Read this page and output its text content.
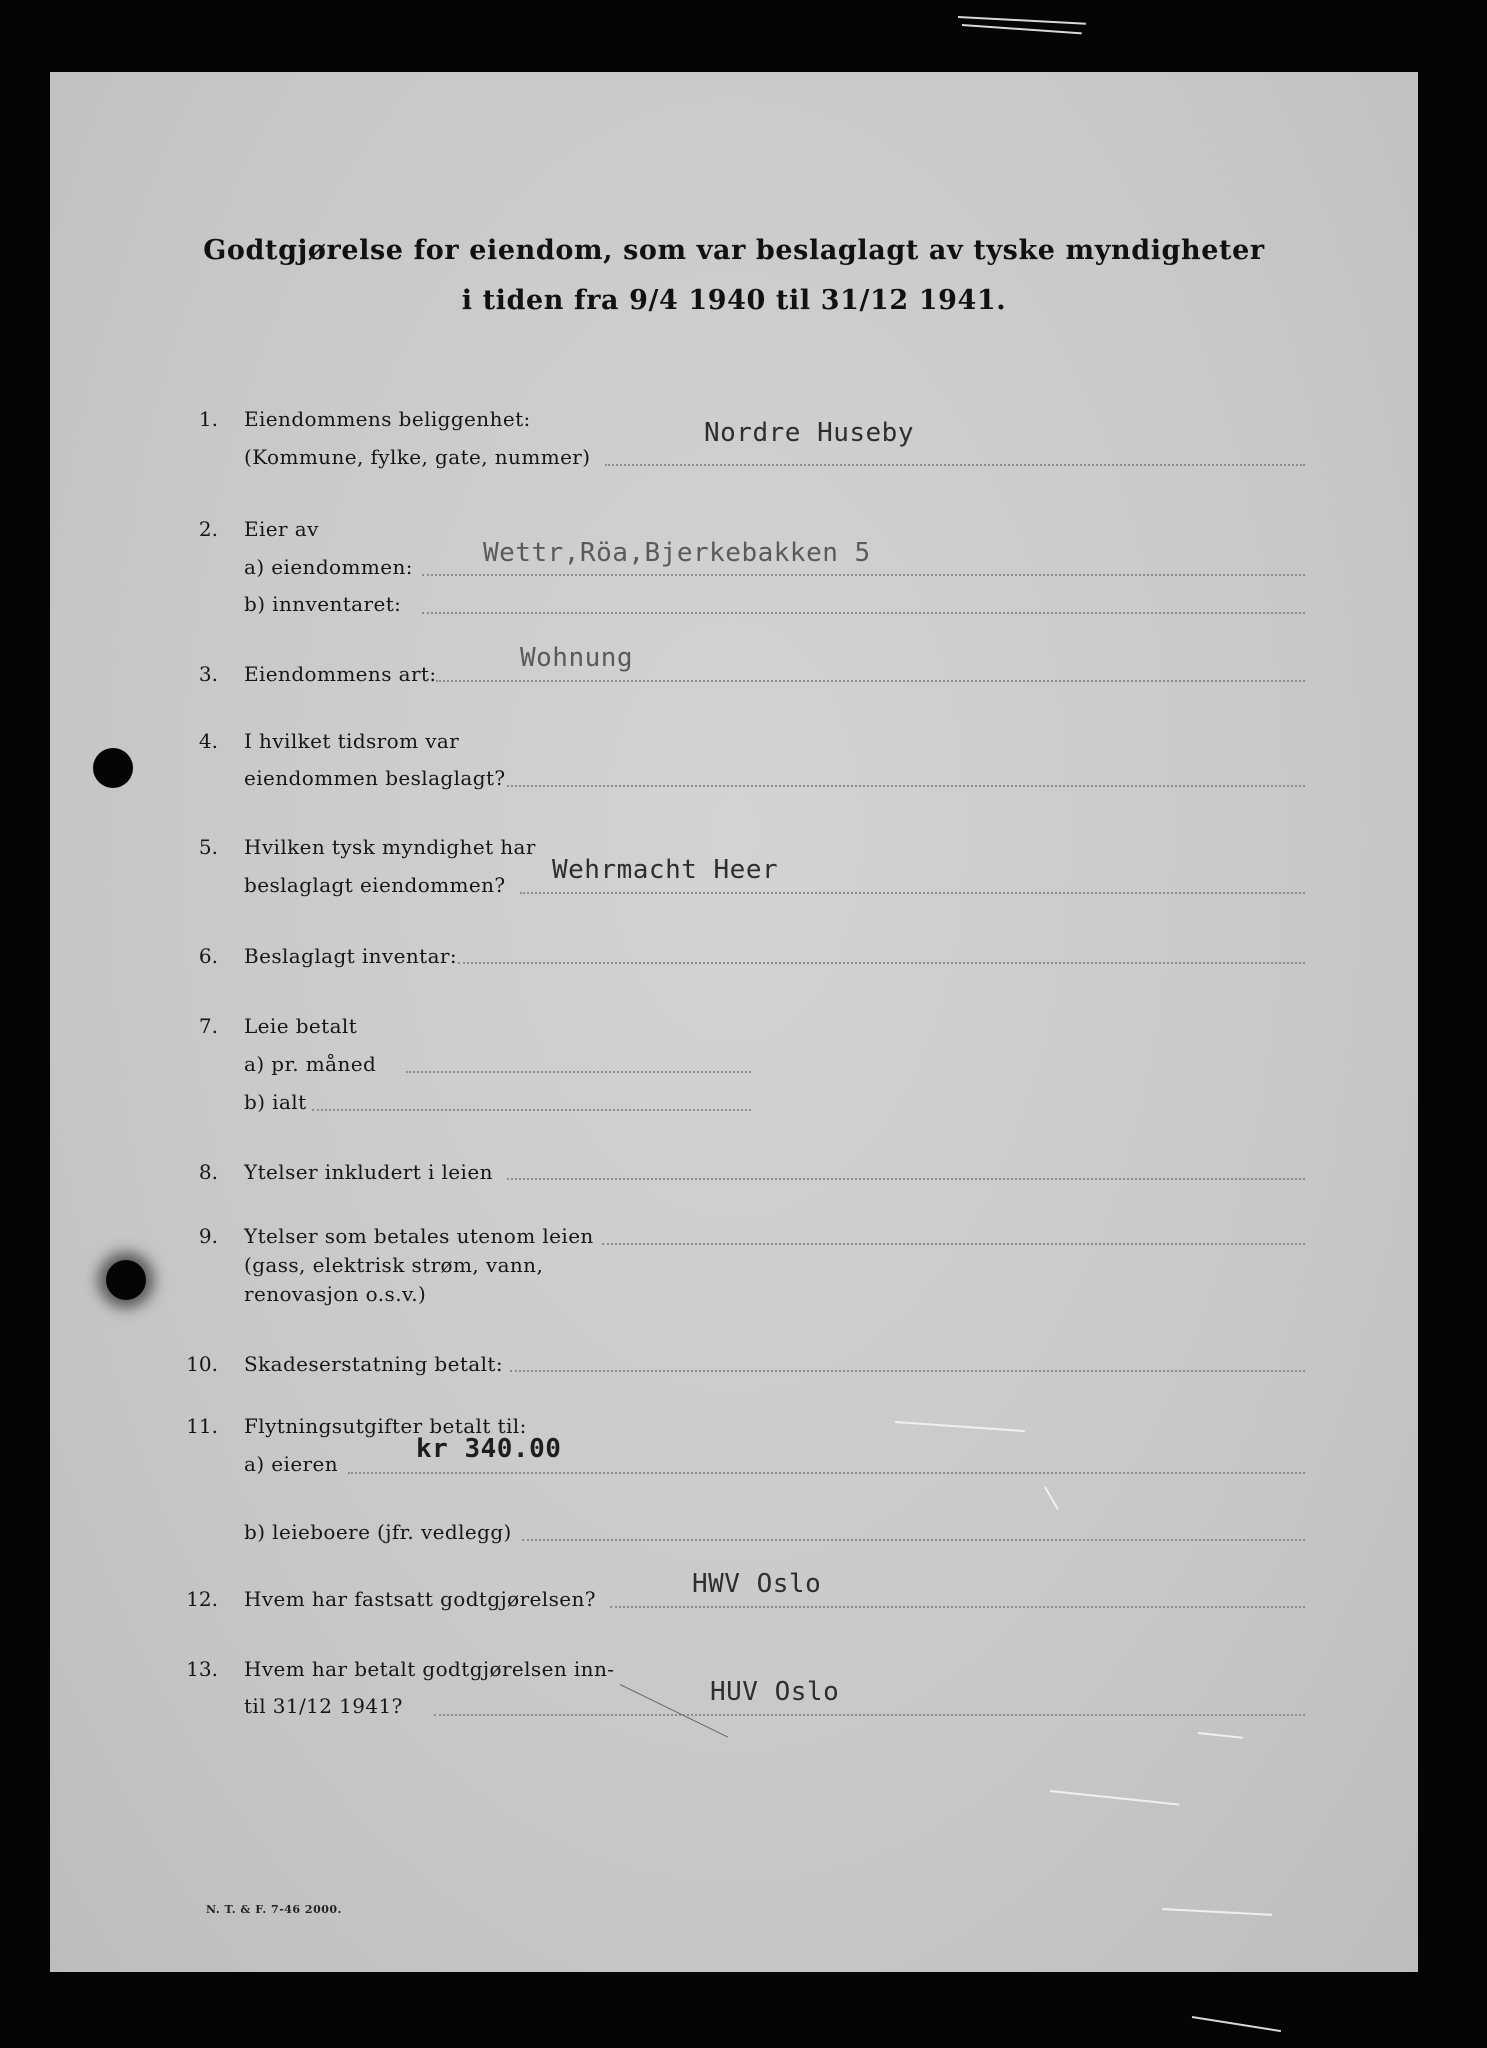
Godtgjørelse for eiendom, som var beslaglagt av tyske myndigheter
i tiden fra 9/4 1940 til 31/12 1941.
1. Eiendommens beliggenhet:
(Kommune, fylke, gate, nummer)
Nordre Huseby
2. Eier av
a) eiendommen:	Wettr,Röa,Bjerkebakken 5
b) innventaret:
3. Eiendommens art:
Wohnung
4. I hvilket tidsrom var
eiendommen beslaglagt?
5. Hvilken tysk myndighet har
beslaglagt eiendommen? Wehrmacht Heer
6. Beslaglagt inventar:
7. Leie betalt
a) pr. måned
b) ialt
8. Ytelser inkludert i leien
9. Ytelser som betales utenom leien
(gass, elektrisk strøm, vann,
renovasjon o.s.v.)
10. Skadeserstatning betalt:
11. Flytningsutgifter betalt til:
a) eieren	kr 340.00
b) leieboere (jfr. vedlegg)
12. Hvem har fastsatt godtgjørelsen?	HWV Oslo
13. Hvem har betalt godtgjørelsen inn-
til 31/12 1941?	HUV Oslo
N. T. & F. 7-46 2000.
